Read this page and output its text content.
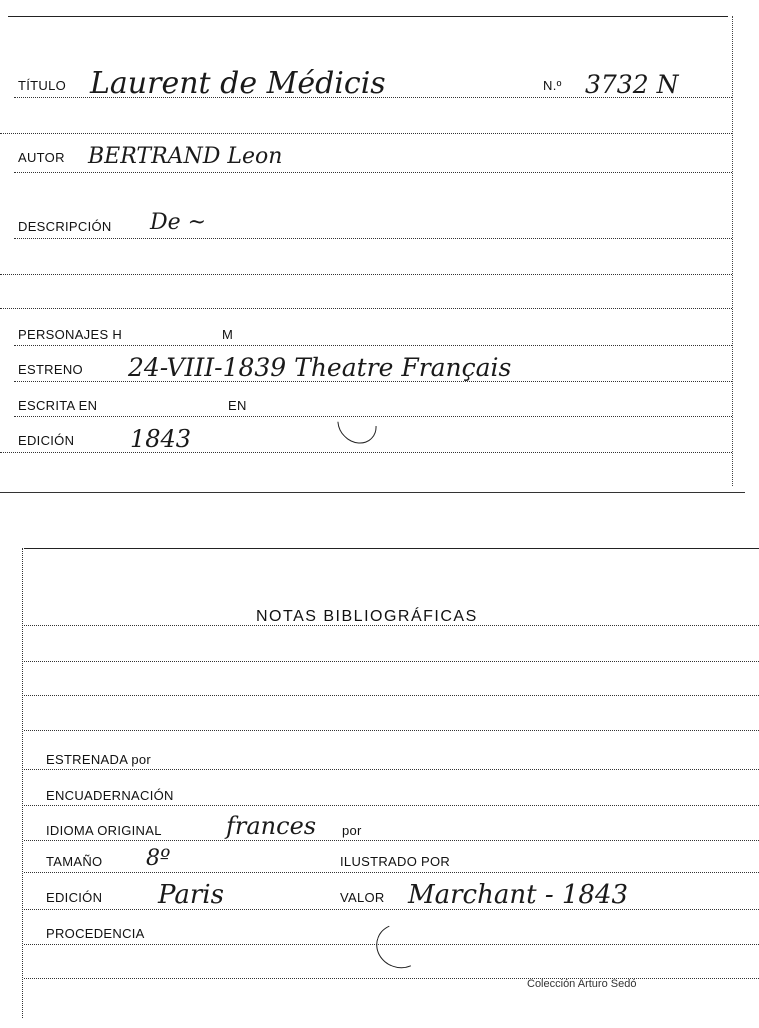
TÍTULO Laurent de Médicis	N.º 3732 N
AUTOR BERTRAND Leon
DESCRIPCIÓN De ~
PERSONAJES H	M
ESTRENO 24-VIII-1839 Theatre Français
ESCRITA EN	EN
EDICIÓN 1843
NOTAS BIBLIOGRÁFICAS
ESTRENADA por
ENCUADERNACIÓN
IDIOMA ORIGINAL	frances por
TAMAÑO 8º	ILUSTRADO POR
EDICIÓN Paris	VALOR Marchant - 1843
PROCEDENCIA
Colección Arturo Sedó
